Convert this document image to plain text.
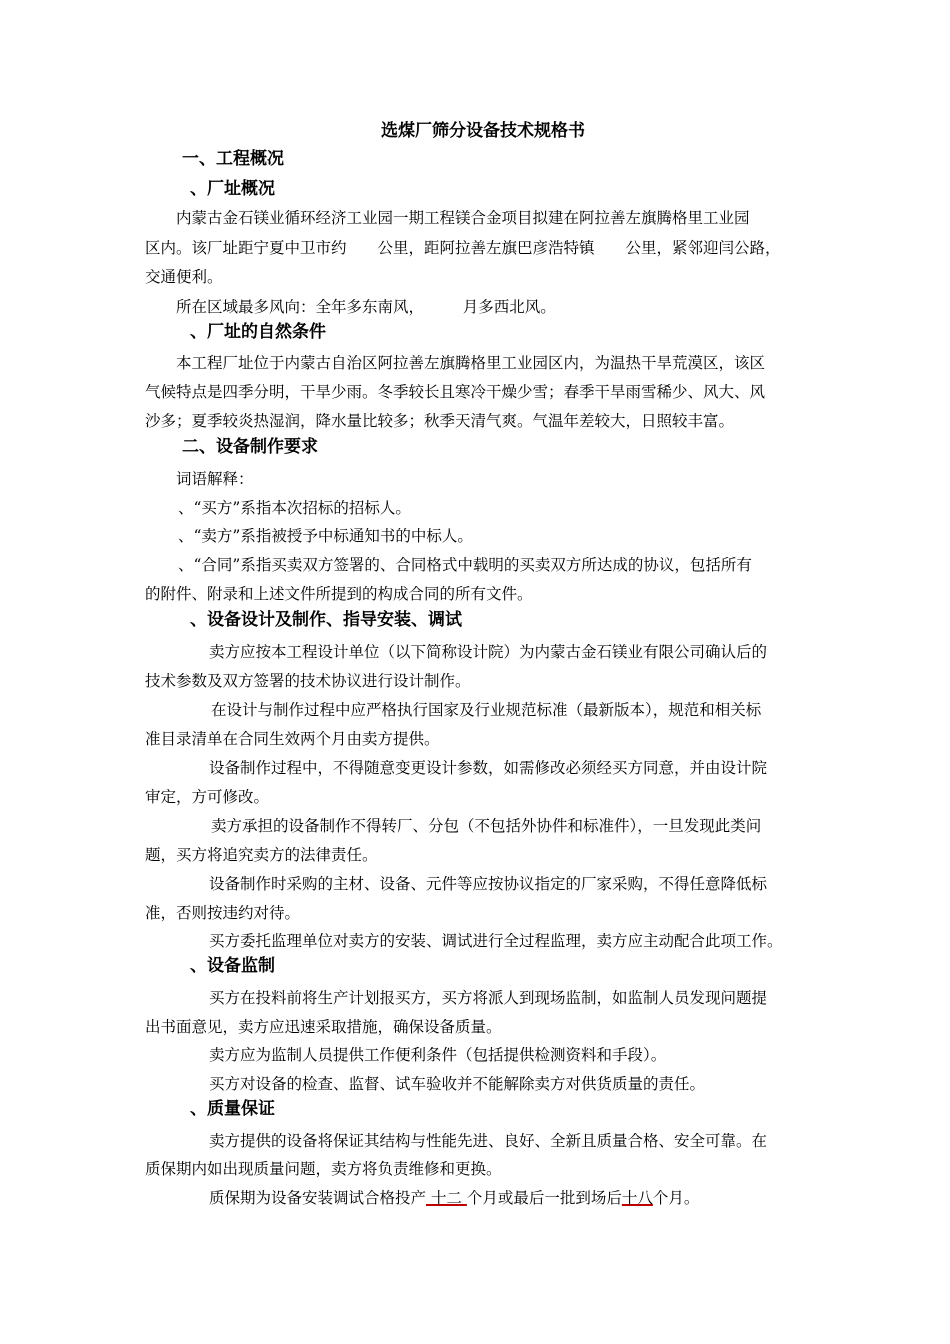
选煤厂筛分设备技术规格书
一、工程概况
、厂址概况
内蒙古金石镁业循环经济工业园一期工程镁合金项目拟建在阿拉善左旗腾格里工业园
区内。该厂址距宁夏中卫市约　　公里，距阿拉善左旗巴彦浩特镇　　公里，紧邻迎闫公路，
交通便利。
所在区域最多风向：全年多东南风，　　　月多西北风。
、厂址的自然条件
本工程厂址位于内蒙古自治区阿拉善左旗腾格里工业园区内，为温热干旱荒漠区，该区
气候特点是四季分明，干旱少雨。冬季较长且寒冷干燥少雪；春季干旱雨雪稀少、风大、风
沙多；夏季较炎热湿润，降水量比较多；秋季天清气爽。气温年差较大，日照较丰富。
二、设备制作要求
词语解释：
、“买方”系指本次招标的招标人。
、“卖方”系指被授予中标通知书的中标人。
、“合同”系指买卖双方签署的、合同格式中载明的买卖双方所达成的协议，包括所有
的附件、附录和上述文件所提到的构成合同的所有文件。
、设备设计及制作、指导安装、调试
卖方应按本工程设计单位（以下简称设计院）为内蒙古金石镁业有限公司确认后的
技术参数及双方签署的技术协议进行设计制作。
在设计与制作过程中应严格执行国家及行业规范标准（最新版本），规范和相关标
准目录清单在合同生效两个月由卖方提供。
设备制作过程中，不得随意变更设计参数，如需修改必须经买方同意，并由设计院
审定，方可修改。
卖方承担的设备制作不得转厂、分包（不包括外协件和标准件），一旦发现此类问
题，买方将追究卖方的法律责任。
设备制作时采购的主材、设备、元件等应按协议指定的厂家采购，不得任意降低标
准，否则按违约对待。
买方委托监理单位对卖方的安装、调试进行全过程监理，卖方应主动配合此项工作。
、设备监制
买方在投料前将生产计划报买方，买方将派人到现场监制，如监制人员发现问题提
出书面意见，卖方应迅速采取措施，确保设备质量。
卖方应为监制人员提供工作便利条件（包括提供检测资料和手段）。
买方对设备的检查、监督、试车验收并不能解除卖方对供货质量的责任。
、质量保证
卖方提供的设备将保证其结构与性能先进、良好、全新且质量合格、安全可靠。在
质保期内如出现质量问题，卖方将负责维修和更换。
质保期为设备安装调试合格投产 十二 个月或最后一批到场后十八个月。
